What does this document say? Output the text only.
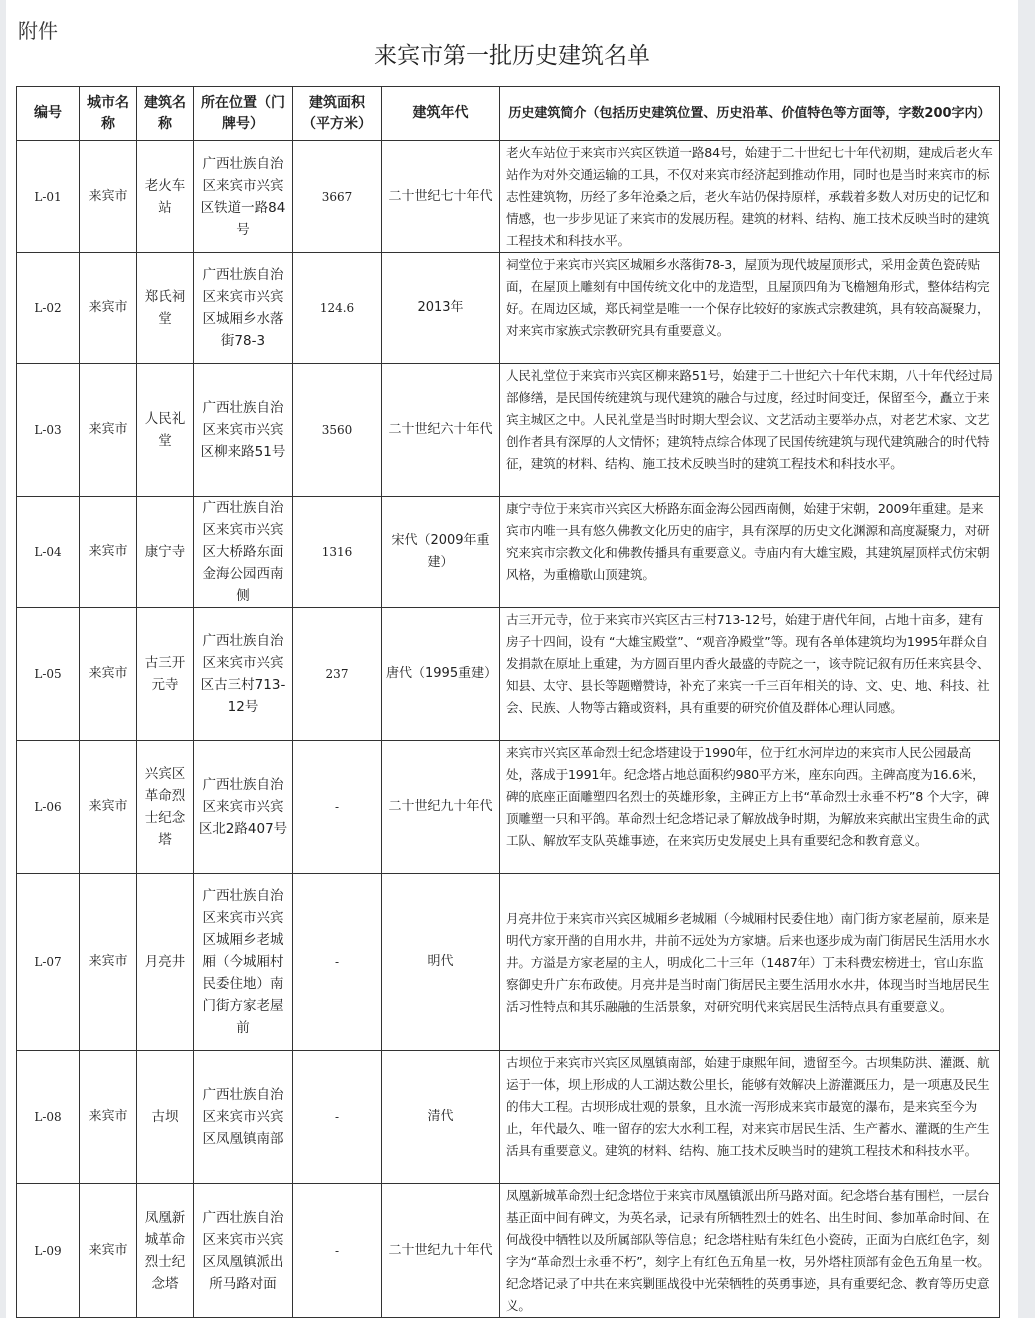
附件
来宾市第一批历史建筑名单
编号	城市名称	建筑名称	所在位置（门牌号）	建筑面积（平方米）	建筑年代	历史建筑简介（包括历史建筑位置、历史沿革、价值特色等方面等，字数200字内）
L-01	来宾市	老火车站	广西壮族自治区来宾市兴宾区铁道一路84号	3667	二十世纪七十年代	老火车站位于来宾市兴宾区铁道一路84号，始建于二十世纪七十年代初期，建成后老火车站作为对外交通运输的工具，不仅对来宾市经济起到推动作用，同时也是当时来宾市的标志性建筑物，历经了多年沧桑之后，老火车站仍保持原样，承载着多数人对历史的记忆和情感，也一步步见证了来宾市的发展历程。建筑的材料、结构、施工技术反映当时的建筑工程技术和科技水平。
L-02	来宾市	郑氏祠堂	广西壮族自治区来宾市兴宾区城厢乡水落街78-3	124.6	2013年	祠堂位于来宾市兴宾区城厢乡水落街78-3，屋顶为现代坡屋顶形式，采用金黄色瓷砖贴面，在屋顶上雕刻有中国传统文化中的龙造型，且屋顶四角为飞檐翘角形式，整体结构完好。在周边区域，郑氏祠堂是唯一一个保存比较好的家族式宗教建筑，具有较高凝聚力，对来宾市家族式宗教研究具有重要意义。
L-03	来宾市	人民礼堂	广西壮族自治区来宾市兴宾区柳来路51号	3560	二十世纪六十年代	人民礼堂位于来宾市兴宾区柳来路51号，始建于二十世纪六十年代末期，八十年代经过局部修缮，是民国传统建筑与现代建筑的融合与过度，经过时间变迁，保留至今，矗立于来宾主城区之中。人民礼堂是当时时期大型会议、文艺活动主要举办点，对老艺术家、文艺创作者具有深厚的人文情怀；建筑特点综合体现了民国传统建筑与现代建筑融合的时代特征，建筑的材料、结构、施工技术反映当时的建筑工程技术和科技水平。
L-04	来宾市	康宁寺	广西壮族自治区来宾市兴宾区大桥路东面金海公园西南侧	1316	宋代（2009年重建）	康宁寺位于来宾市兴宾区大桥路东面金海公园西南侧，始建于宋朝，2009年重建。是来宾市内唯一具有悠久佛教文化历史的庙宇，具有深厚的历史文化渊源和高度凝聚力，对研究来宾市宗教文化和佛教传播具有重要意义。寺庙内有大雄宝殿，其建筑屋顶样式仿宋朝风格，为重檐歇山顶建筑。
L-05	来宾市	古三开元寺	广西壮族自治区来宾市兴宾区古三村713-12号	237	唐代（1995重建）	古三开元寺，位于来宾市兴宾区古三村713-12号，始建于唐代年间，占地十亩多，建有房子十四间，设有 “大雄宝殿堂”、“观音净殿堂”等。现有各单体建筑均为1995年群众自发捐款在原址上重建，为方圆百里内香火最盛的寺院之一，该寺院记叙有历任来宾县令、知县、太守、县长等题赠赞诗，补充了来宾一千三百年相关的诗、文、史、地、科技、社会、民族、人物等古籍或资料，具有重要的研究价值及群体心理认同感。
L-06	来宾市	兴宾区革命烈士纪念塔	广西壮族自治区来宾市兴宾区北2路407号	-	二十世纪九十年代	来宾市兴宾区革命烈士纪念塔建设于1990年，位于红水河岸边的来宾市人民公园最高处，落成于1991年。纪念塔占地总面积约980平方米，座东向西。主碑高度为16.6米，碑的底座正面雕塑四名烈士的英雄形象，主碑正方上书“革命烈士永垂不朽”8 个大字，碑顶雕塑一只和平鸽。革命烈士纪念塔记录了解放战争时期，为解放来宾献出宝贵生命的武工队、解放军支队英雄事迹，在来宾历史发展史上具有重要纪念和教育意义。
L-07	来宾市	月亮井	广西壮族自治区来宾市兴宾区城厢乡老城厢（今城厢村民委住地）南门街方家老屋前	-	明代	月亮井位于来宾市兴宾区城厢乡老城厢（今城厢村民委住地）南门街方家老屋前，原来是明代方家开凿的自用水井，井前不远处为方家塘。后来也逐步成为南门街居民生活用水水井。方溢是方家老屋的主人，明成化二十三年（1487年）丁未科费宏榜进士，官山东监察御史升广东布政使。月亮井是当时南门街居民主要生活用水水井，体现当时当地居民生活习性特点和其乐融融的生活景象，对研究明代来宾居民生活特点具有重要意义。
L-08	来宾市	古坝	广西壮族自治区来宾市兴宾区凤凰镇南部	-	清代	古坝位于来宾市兴宾区凤凰镇南部，始建于康熙年间，遗留至今。古坝集防洪、灌溉、航运于一体，坝上形成的人工湖达数公里长，能够有效解决上游灌溉压力，是一项惠及民生的伟大工程。古坝形成壮观的景象，且水流一泻形成来宾市最宽的瀑布，是来宾至今为止，年代最久、唯一留存的宏大水利工程，对来宾市居民生活、生产蓄水、灌溉的生产生活具有重要意义。建筑的材料、结构、施工技术反映当时的建筑工程技术和科技水平。
L-09	来宾市	凤凰新城革命烈士纪念塔	广西壮族自治区来宾市兴宾区凤凰镇派出所马路对面	-	二十世纪九十年代	凤凰新城革命烈士纪念塔位于来宾市凤凰镇派出所马路对面。纪念塔台基有围栏，一层台基正面中间有碑文，为英名录，记录有所牺牲烈士的姓名、出生时间、参加革命时间、在何战役中牺牲以及所属部队等信息；纪念塔柱贴有朱红色小瓷砖，正面为白底红色字，刻字为“革命烈士永垂不朽”，刻字上有红色五角星一枚，另外塔柱顶部有金色五角星一枚。纪念塔记录了中共在来宾剿匪战役中光荣牺牲的英勇事迹，具有重要纪念、教育等历史意义。
